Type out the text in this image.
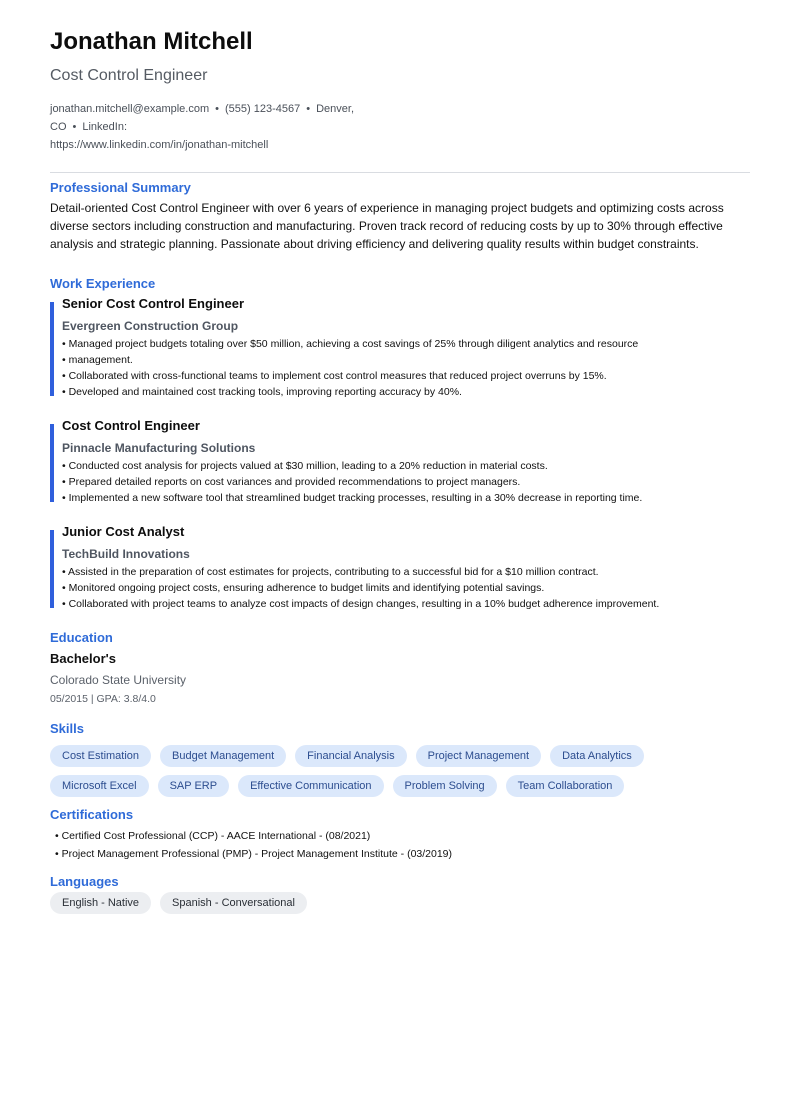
Jonathan Mitchell
Cost Control Engineer
jonathan.mitchell@example.com • (555) 123-4567 • Denver, CO • LinkedIn:
https://www.linkedin.com/in/jonathan-mitchell
Professional Summary
Detail-oriented Cost Control Engineer with over 6 years of experience in managing project budgets and optimizing costs across diverse sectors including construction and manufacturing. Proven track record of reducing costs by up to 30% through effective analysis and strategic planning. Passionate about driving efficiency and delivering quality results within budget constraints.
Work Experience
Senior Cost Control Engineer
Evergreen Construction Group
• Managed project budgets totaling over $50 million, achieving a cost savings of 25% through diligent analytics and resource
• management.
• Collaborated with cross-functional teams to implement cost control measures that reduced project overruns by 15%.
• Developed and maintained cost tracking tools, improving reporting accuracy by 40%.
Cost Control Engineer
Pinnacle Manufacturing Solutions
• Conducted cost analysis for projects valued at $30 million, leading to a 20% reduction in material costs.
• Prepared detailed reports on cost variances and provided recommendations to project managers.
• Implemented a new software tool that streamlined budget tracking processes, resulting in a 30% decrease in reporting time.
Junior Cost Analyst
TechBuild Innovations
• Assisted in the preparation of cost estimates for projects, contributing to a successful bid for a $10 million contract.
• Monitored ongoing project costs, ensuring adherence to budget limits and identifying potential savings.
• Collaborated with project teams to analyze cost impacts of design changes, resulting in a 10% budget adherence improvement.
Education
Bachelor's
Colorado State University
05/2015 | GPA: 3.8/4.0
Skills
Cost Estimation	Budget Management	Financial Analysis	Project Management	Data Analytics
Microsoft Excel	SAP ERP	Effective Communication	Problem Solving	Team Collaboration
Certifications
• Certified Cost Professional (CCP) - AACE International - (08/2021)
• Project Management Professional (PMP) - Project Management Institute - (03/2019)
Languages
English - Native	Spanish - Conversational
